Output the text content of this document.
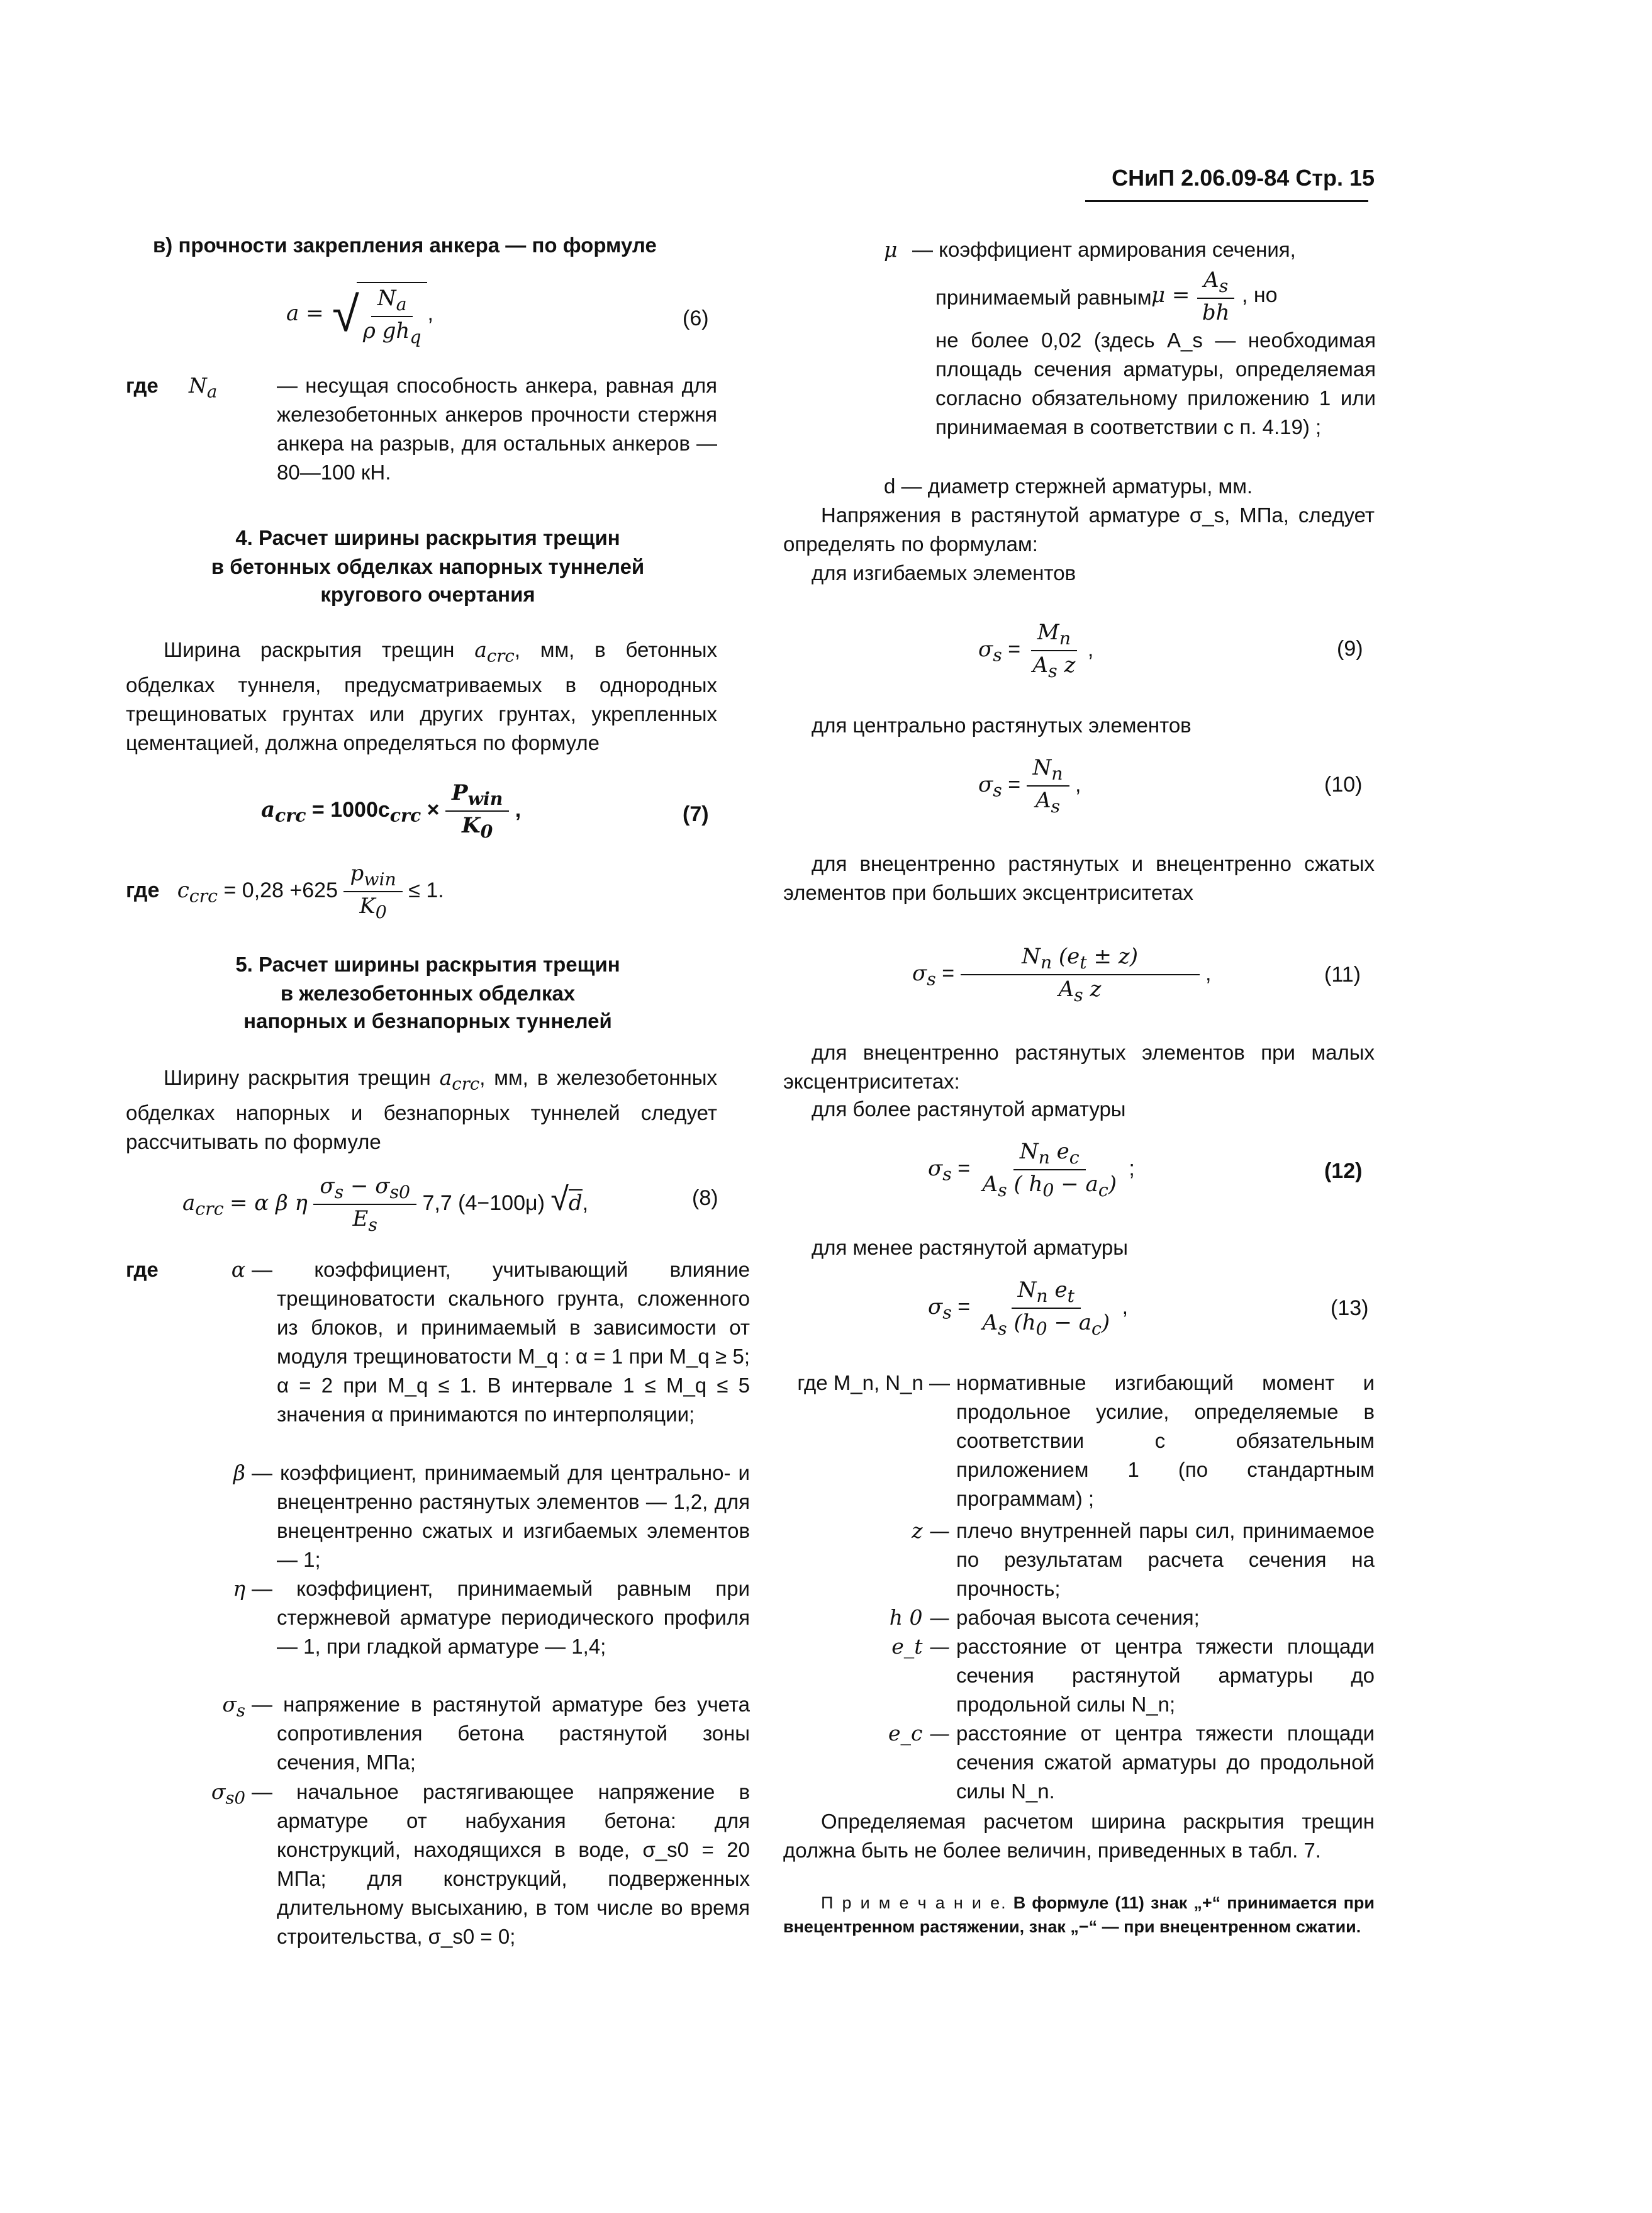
СНиП 2.06.09-84 Стр. 15
в) прочности закрепления анкера — по формуле
a = √
$\frac{N_a}{\rho gh_q}$ ,	(6)
где $N_a$	— несущая способность анкера, равная для железобетонных анкеров прочности стержня анкера на разрыв, для остальных анкеров — 80—100 кН.
4. Расчет ширины раскрытия трещин
в бетонных обделках напорных туннелей
кругового очертания
Ширина раскрытия трещин $a_{crc}$, мм, в бетонных обделках туннеля, предусматриваемых в однородных трещиноватых грунтах или других грунтах, укрепленных цементацией, должна определяться по формуле
$a_{crc} = 1000c_{crc} \times \frac{P_{win}}{K_0}$ ,	(7)
где $c_{crc} = 0,28 +625 \frac{p_{win}}{K_0} \le 1$.
5. Расчет ширины раскрытия трещин
в железобетонных обделках
напорных и безнапорных туннелей
Ширину раскрытия трещин $a_{crc}$, мм, в железобетонных обделках напорных и безнапорных туннелей следует рассчитывать по формуле
$a_{crc} = \alpha$ β η $\frac{\sigma_s - \sigma_{s0}}{E_s} 7,7$ (4−100μ) √d,	(8)
где	α — коэффициент, учитывающий влияние трещиноватости скального грунта, сложенного из блоков, и принимаемый в зависимости от модуля трещиноватости M_q : α = 1 при M_q ≥ 5; α = 2 при M_q ≤ 1. В интервале 1 ≤ M_q ≤ 5 значения α принимаются по интерполяции;
β — коэффициент, принимаемый для центрально- и внецентренно растянутых элементов — 1,2, для внецентренно сжатых и изгибаемых элементов — 1;
η — коэффициент, принимаемый равным при стержневой арматуре периодического профиля — 1, при гладкой арматуре — 1,4;
$\sigma_s$ — напряжение в растянутой арматуре без учета сопротивления бетона растянутой зоны сечения, МПа;
$\sigma_{s0}$ — начальное растягивающее напряжение в арматуре от набухания бетона: для конструкций, находящихся в воде, σ_s0 = 20 МПа; для конструкций, подверженных длительному высыханию, в том числе во время строительства, σ_s0 = 0;
μ — коэффициент армирования сечения,
принимаемый равным $\mu = \frac{A_s}{bh}$ , но
не более 0,02 (здесь A_s — необходимая площадь сечения арматуры, определяемая согласно обязательному приложению 1 или принимаемая в соответствии с п. 4.19) ;
d — диаметр стержней арматуры, мм.
Напряжения в растянутой арматуре σ_s, МПа, следует определять по формулам:
для изгибаемых элементов
$\sigma_s = \frac{M_n}{A_s z}$ ,	(9)
для центрально растянутых элементов
$\sigma_s = \frac{N_n}{A_s}$ ,	(10)
для внецентренно растянутых и внецентренно сжатых элементов при больших эксцентриситетах
$\sigma_s = \frac{N_n (e_t \pm z)}{A_s z}$ ,	(11)
для внецентренно растянутых элементов при малых эксцентриситетах:
для более растянутой арматуры
$\sigma_s = \frac{N_n e_c}{A_s ( h_0 - a_c)}$ ;	(12)
для менее растянутой арматуры
$\sigma_s = \frac{N_n e_t}{A_s (h_0 - a_c)}$ ,	(13)
где M_n, N_n — нормативные изгибающий момент и продольное усилие, определяемые в соответствии с обязательным приложением 1 (по стандартным программам) ;
z — плечо внутренней пары сил, принимаемое по результатам расчета сечения на прочность;
h 0 — рабочая высота сечения;
e_t — расстояние от центра тяжести площади сечения растянутой арматуры до продольной силы N_n;
e_c — расстояние от центра тяжести площади сечения сжатой арматуры до продольной силы N_n.
Определяемая расчетом ширина раскрытия трещин должна быть не более величин, приведенных в табл. 7.
П р и м е ч а н и е. В формуле (11) знак „+“ принимается при внецентренном растяжении, знак „−“ — при внецентренном сжатии.
